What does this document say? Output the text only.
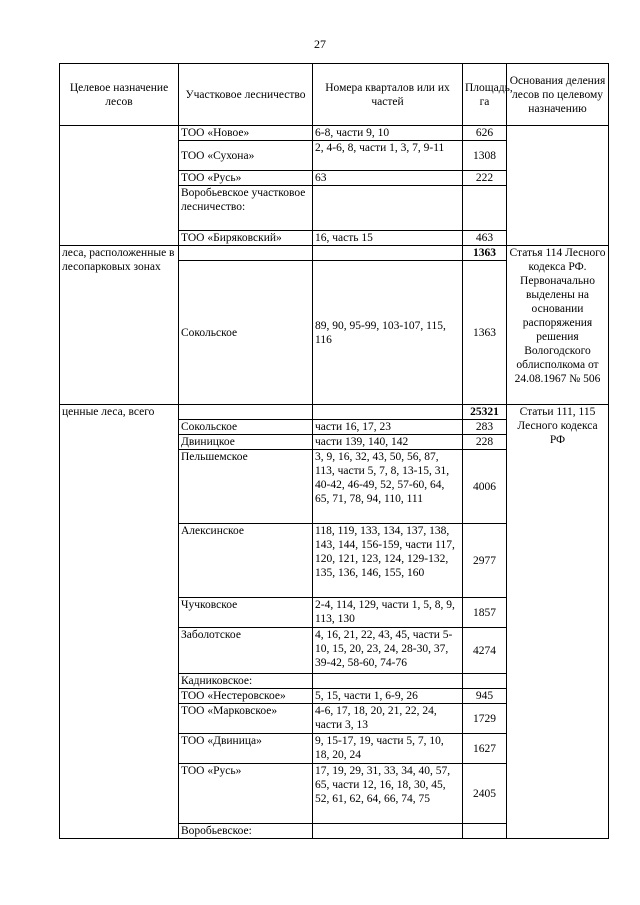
27
Целевое назначение лесов	Участковое лесничество	Номера кварталов или их частей	Площадь, га	Основания деления лесов по целевому назначению
	ТОО «Новое»	6-8, части 9, 10	626	
	ТОО «Сухона»	2, 4-6, 8, части 1, 3, 7, 9-11	1308	
	ТОО «Русь»	63	222	
	Воробьевское участковое лесничество:			
	ТОО «Биряковский»	16, часть 15	463	
леса, расположенные в лесопарковых зонах			1363	Статья 114 Лесного кодекса РФ. Первоначально выделены на основании распоряжения решения Вологодского облисполкома от 24.08.1967 № 506
	Сокольское	89, 90, 95-99, 103-107, 115, 116	1363	
ценные леса, всего			25321	Статьи 111, 115 Лесного кодекса РФ
	Сокольское	части 16, 17, 23	283	
	Двиницкое	части 139, 140, 142	228	
	Пельшемское	3, 9, 16, 32, 43, 50, 56, 87, 113, части 5, 7, 8, 13-15, 31, 40-42, 46-49, 52, 57-60, 64, 65, 71, 78, 94, 110, 111	4006	
	Алексинское	118, 119, 133, 134, 137, 138, 143, 144, 156-159, части 117, 120, 121, 123, 124, 129-132, 135, 136, 146, 155, 160	2977	
	Чучковское	2-4, 114, 129, части 1, 5, 8, 9, 113, 130	1857	
	Заболотское	4, 16, 21, 22, 43, 45, части 5-10, 15, 20, 23, 24, 28-30, 37, 39-42, 58-60, 74-76	4274	
	Кадниковское:			
	ТОО «Нестеровское»	5, 15, части 1, 6-9, 26	945	
	ТОО «Марковское»	4-6, 17, 18, 20, 21, 22, 24, части 3, 13	1729	
	ТОО «Двиница»	9, 15-17, 19, части 5, 7, 10, 18, 20, 24	1627	
	ТОО «Русь»	17, 19, 29, 31, 33, 34, 40, 57, 65, части 12, 16, 18, 30, 45, 52, 61, 62, 64, 66, 74, 75	2405	
	Воробьевское:			
